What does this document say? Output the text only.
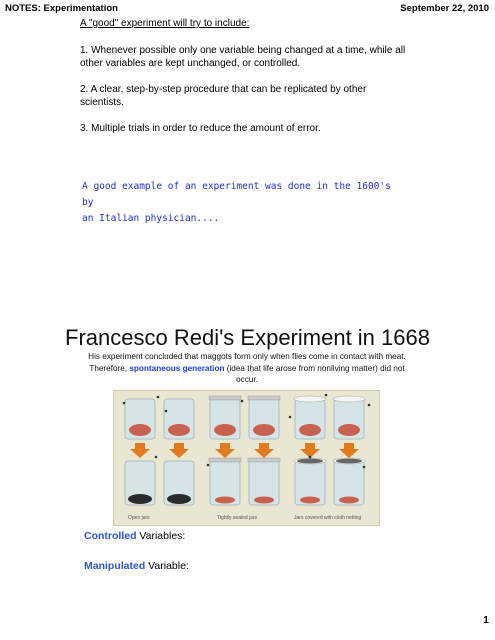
NOTES: Experimentation	September 22, 2010

A "good" experiment will try to include:

1. Whenever possible only one variable being changed at a time, while all other variables are kept unchanged, or controlled.

2. A clear, step-by-step procedure that can be replicated by other scientists.

3. Multiple trials in order to reduce the amount of error.

A good example of an experiment was done in the 1600's by
an Italian physician....
Francesco Redi's Experiment in 1668
His experiment concluded that maggots form only when flies come in contact with meat. Therefore, spontaneous generation (idea that life arose from nonliving matter) did not occur.
Open jars	Tightly sealed jars	Jars covered with cloth netting
Controlled Variables:
Manipulated Variable:
1
